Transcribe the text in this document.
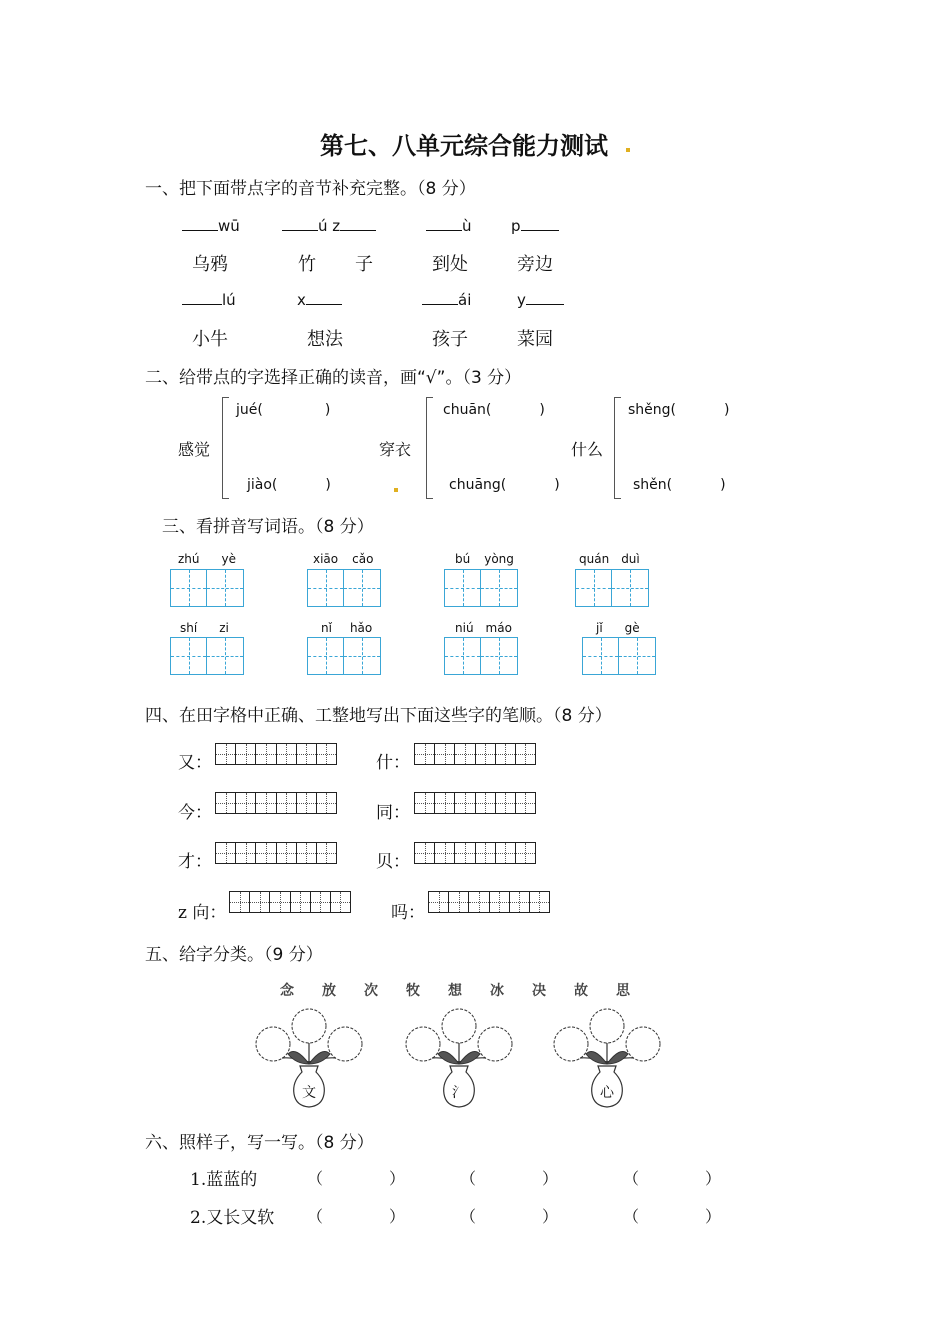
第七、八单元综合能力测试
一、把下面带点字的音节补充完整。（8 分）
wū	ú z	ù	p
乌鸦	竹 子	到处	旁边
lú	x	ái	y
小牛	想法	孩子	菜园
二、给带点的字选择正确的读音，画“√”。（3 分）
感觉
jué(	)
jiào(	)
穿衣
chuān(	)
chuāng(	)
什么
shěng(	)
shěn(	)
三、看拼音写词语。（8 分）
zhú yè	xiāo cǎo	bú yòng	quán duì
shí zi	nǐ hǎo	niú máo	jǐ gè
四、在田字格中正确、工整地写出下面这些字的笔顺。（8 分）
又：	什：
今：	同：
才：	贝：
z 向：	吗：
五、给字分类。（9 分）
念 放 次 牧 想 冰 决 故 思
文	氵	心
六、照样子，写一写。（8 分）
1.蓝蓝的	（	）	（	）	（	）
2.又长又软 （	）	（	）	（	）
